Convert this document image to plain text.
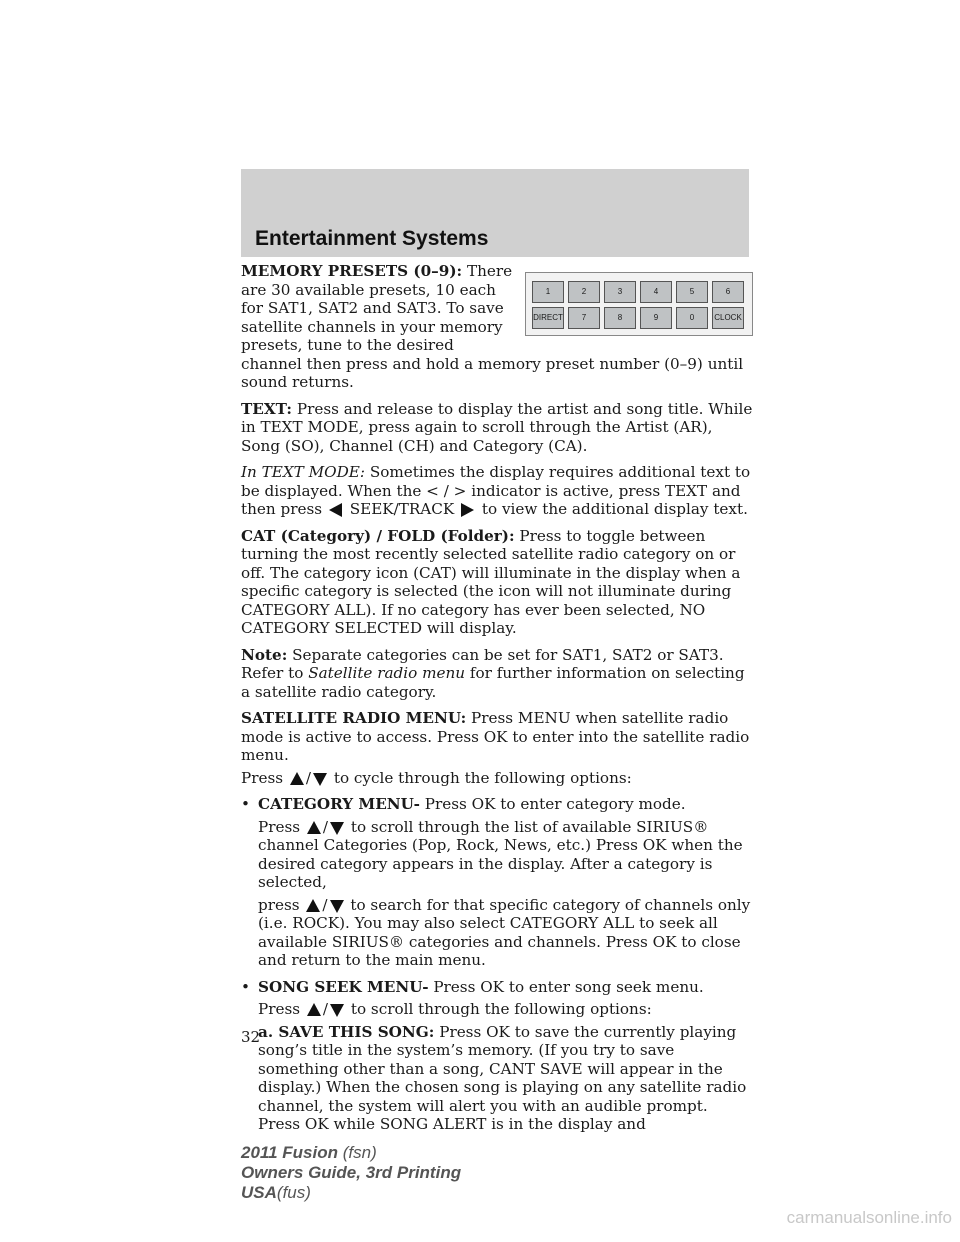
Entertainment Systems
1	2	3	4	5	6
DIRECT	7	8	9	0	CLOCK

MEMORY PRESETS (0–9): There are 30 available presets, 10 each for SAT1, SAT2 and SAT3. To save satellite channels in your memory presets, tune to the desired channel then press and hold a memory preset number (0–9) until sound returns.

TEXT: Press and release to display the artist and song title. While in TEXT MODE, press again to scroll through the Artist (AR), Song (SO), Channel (CH) and Category (CA).

In TEXT MODE: Sometimes the display requires additional text to be displayed. When the < / > indicator is active, press TEXT and then press SEEK/TRACK to view the additional display text.

CAT (Category) / FOLD (Folder): Press to toggle between turning the most recently selected satellite radio category on or off. The category icon (CAT) will illuminate in the display when a specific category is selected (the icon will not illuminate during CATEGORY ALL). If no category has ever been selected, NO CATEGORY SELECTED will display.

Note: Separate categories can be set for SAT1, SAT2 or SAT3.

Refer to Satellite radio menu for further information on selecting a satellite radio category.

SATELLITE RADIO MENU: Press MENU when satellite radio mode is active to access. Press OK to enter into the satellite radio menu.

Press / to cycle through the following options:

• CATEGORY MENU- Press OK to enter category mode.

Press / to scroll through the list of available SIRIUS® channel Categories (Pop, Rock, News, etc.) Press OK when the desired category appears in the display. After a category is selected,

press / to search for that specific category of channels only (i.e. ROCK). You may also select CATEGORY ALL to seek all available SIRIUS® categories and channels. Press OK to close and return to the main menu.

• SONG SEEK MENU- Press OK to enter song seek menu.

Press / to scroll through the following options:

a. SAVE THIS SONG: Press OK to save the currently playing song’s title in the system’s memory. (If you try to save something other than a song, CANT SAVE will appear in the display.) When the chosen song is playing on any satellite radio channel, the system will alert you with an audible prompt. Press OK while SONG ALERT is in the display and

32
2011 Fusion (fsn)
Owners Guide, 3rd Printing
USA(fus)
carmanualsonline.info
